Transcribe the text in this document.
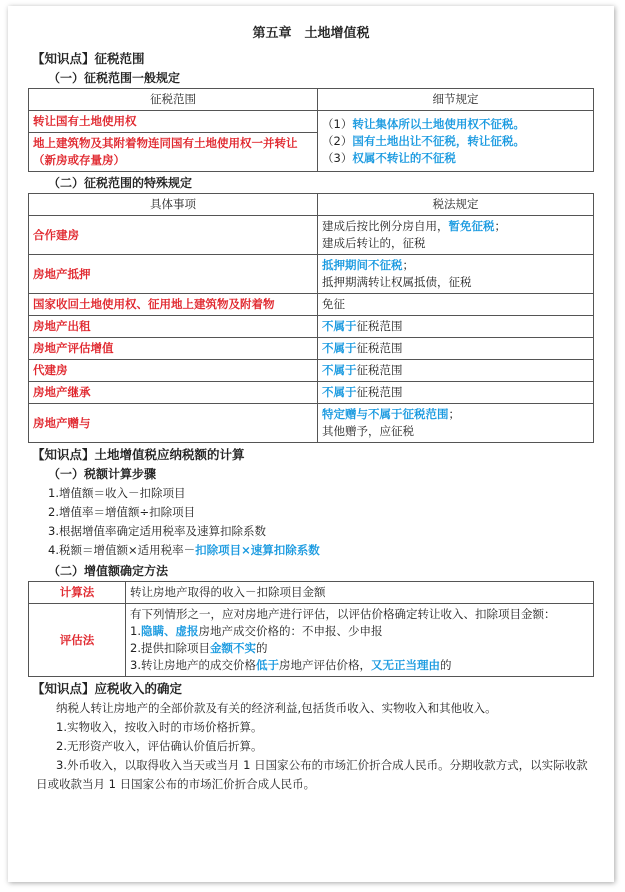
第五章　土地增值税
【知识点】征税范围
（一）征税范围一般规定
征税范围	细节规定
转让国有土地使用权	（1）转让集体所以土地使用权不征税。
（2）国有土地出让不征税，转让征税。
（3）权属不转让的不征税

地上建筑物及其附着物连同国有土地使用权一并转让（新房或存量房）	
（二）征税范围的特殊规定
具体事项	税法规定
合作建房	建成后按比例分房自用，暂免征税；
建成后转让的，征税

房地产抵押	抵押期间不征税；
抵押期满转让权属抵债，征税

国家收回土地使用权、征用地上建筑物及附着物	免征
房地产出租	不属于征税范围
房地产评估增值	不属于征税范围
代建房	不属于征税范围
房地产继承	不属于征税范围
房地产赠与	特定赠与不属于征税范围；
其他赠予，应征税
【知识点】土地增值税应纳税额的计算
（一）税额计算步骤
1.增值额＝收入－扣除项目
2.增值率＝增值额÷扣除项目
3.根据增值率确定适用税率及速算扣除系数
4.税额＝增值额×适用税率－扣除项目×速算扣除系数
（二）增值额确定方法
计算法	转让房地产取得的收入－扣除项目金额
评估法	有下列情形之一，应对房地产进行评估，以评估价格确定转让收入、扣除项目金额：
1.隐瞒、虚报房地产成交价格的：不申报、少申报
2.提供扣除项目金额不实的
3.转让房地产的成交价格低于房地产评估价格，又无正当理由的
【知识点】应税收入的确定
纳税人转让房地产的全部价款及有关的经济利益,包括货币收入、实物收入和其他收入。
1.实物收入，按收入时的市场价格折算。
2.无形资产收入，评估确认价值后折算。
3.外币收入，以取得收入当天或当月 1 日国家公布的市场汇价折合成人民币。分期收款方式，以实际收款日或收款当月 1 日国家公布的市场汇价折合成人民币。
